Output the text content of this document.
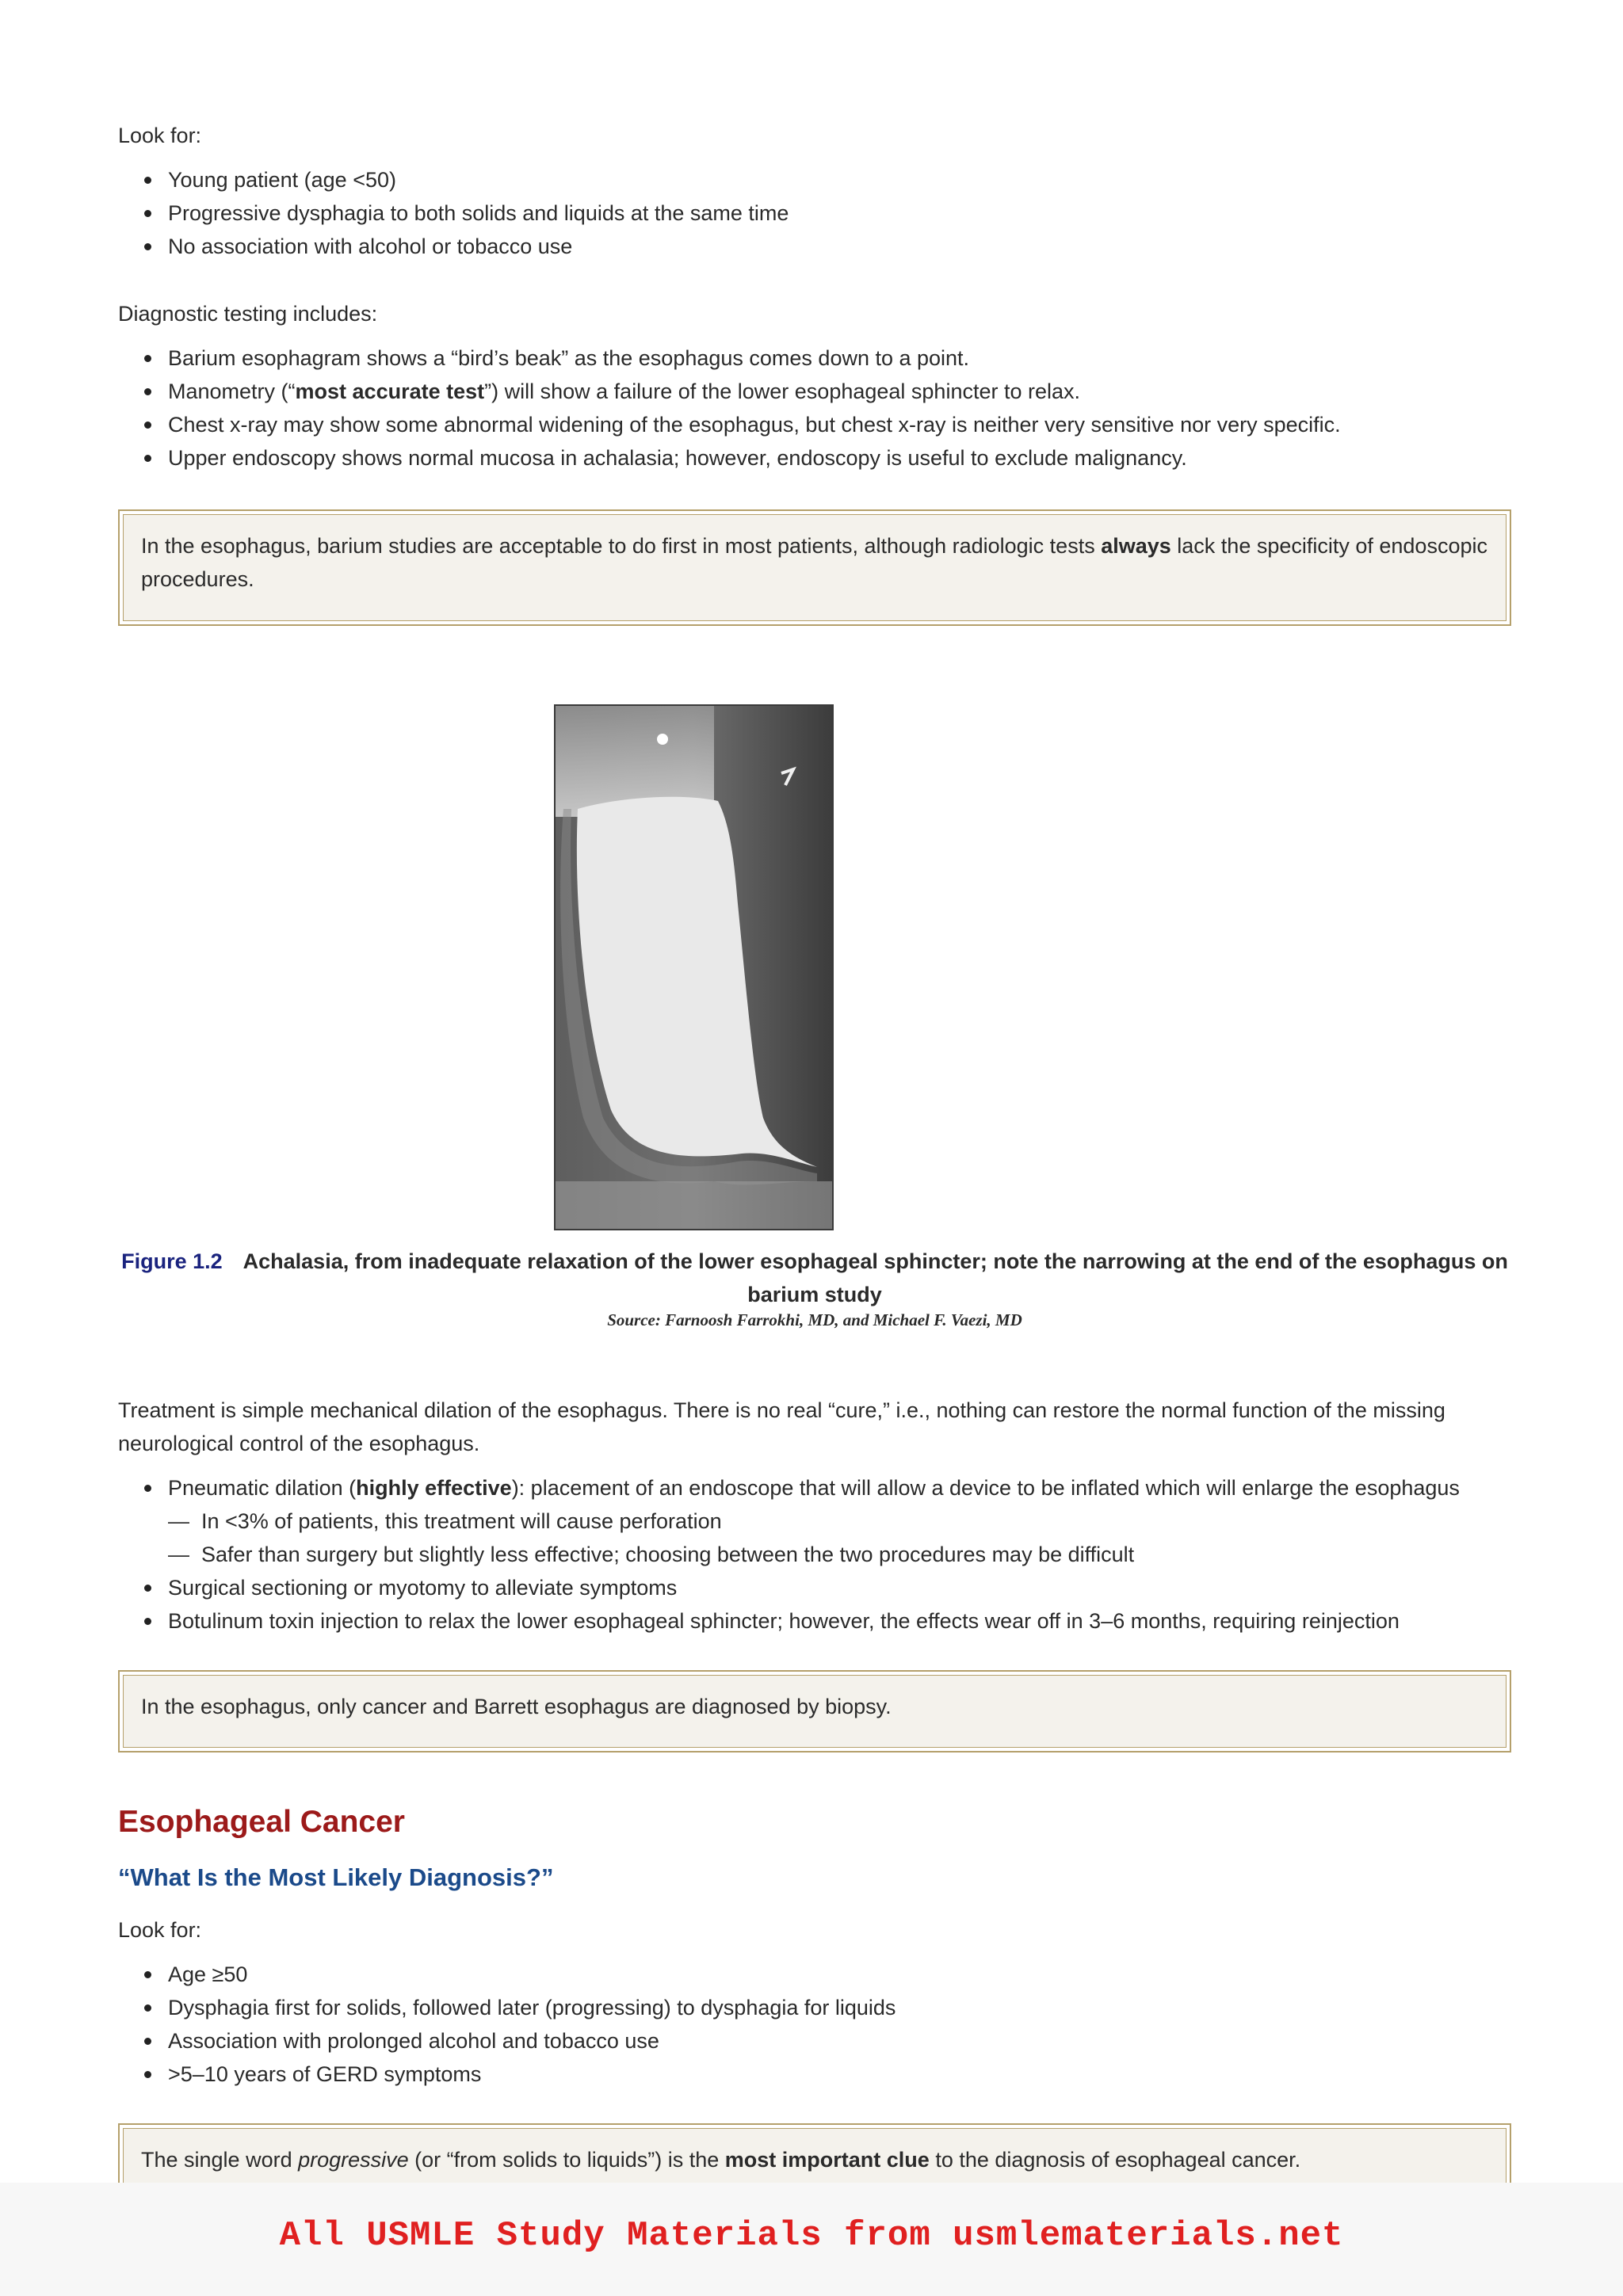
Look for:

Young patient (age <50)
Progressive dysphagia to both solids and liquids at the same time
No association with alcohol or tobacco use

Diagnostic testing includes:

Barium esophagram shows a “bird’s beak” as the esophagus comes down to a point.
Manometry (“most accurate test”) will show a failure of the lower esophageal sphincter to relax.
Chest x-ray may show some abnormal widening of the esophagus, but chest x-ray is neither very sensitive nor very specific.
Upper endoscopy shows normal mucosa in achalasia; however, endoscopy is useful to exclude malignancy.
In the esophagus, barium studies are acceptable to do first in most patients, although radiologic tests always lack the specificity of endoscopic procedures.
Figure 1.2 Achalasia, from inadequate relaxation of the lower esophageal sphincter; note the narrowing at the end of the esophagus on barium study
Source: Farnoosh Farrokhi, MD, and Michael F. Vaezi, MD

Treatment is simple mechanical dilation of the esophagus. There is no real “cure,” i.e., nothing can restore the normal function of the missing neurological control of the esophagus.

Pneumatic dilation (highly effective): placement of an endoscope that will allow a device to be inflated which will enlarge the esophagus
— In <3% of patients, this treatment will cause perforation
— Safer than surgery but slightly less effective; choosing between the two procedures may be difficult
Surgical sectioning or myotomy to alleviate symptoms
Botulinum toxin injection to relax the lower esophageal sphincter; however, the effects wear off in 3–6 months, requiring reinjection
In the esophagus, only cancer and Barrett esophagus are diagnosed by biopsy.
Esophageal Cancer
“What Is the Most Likely Diagnosis?”

Look for:

Age ≥50
Dysphagia first for solids, followed later (progressing) to dysphagia for liquids
Association with prolonged alcohol and tobacco use
>5–10 years of GERD symptoms
The single word progressive (or “from solids to liquids”) is the most important clue to the diagnosis of esophageal cancer.
All USMLE Study Materials from usmlematerials.net
